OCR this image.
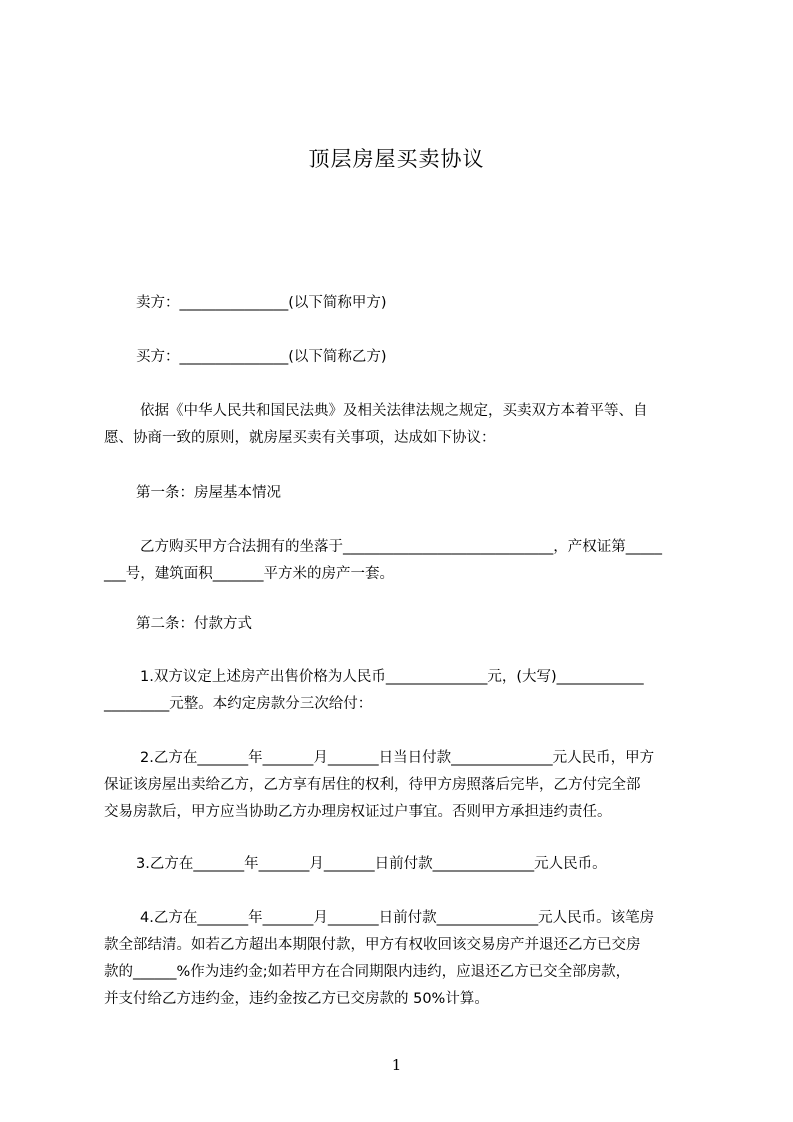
顶层房屋买卖协议
卖方：_______________(以下简称甲方)
买方：_______________(以下简称乙方)
依据《中华人民共和国民法典》及相关法律法规之规定，买卖双方本着平等、自
愿、协商一致的原则，就房屋买卖有关事项，达成如下协议：
第一条：房屋基本情况
乙方购买甲方合法拥有的坐落于_____________________________，产权证第_____
___号，建筑面积_______平方米的房产一套。
第二条：付款方式
1.双方议定上述房产出售价格为人民币______________元，(大写)____________
_________元整。本约定房款分三次给付：
2.乙方在_______年_______月_______日当日付款______________元人民币，甲方
保证该房屋出卖给乙方，乙方享有居住的权利，待甲方房照落后完毕，乙方付完全部
交易房款后，甲方应当协助乙方办理房权证过户事宜。否则甲方承担违约责任。
3.乙方在_______年_______月_______日前付款______________元人民币。
4.乙方在_______年_______月_______日前付款______________元人民币。该笔房
款全部结清。如若乙方超出本期限付款，甲方有权收回该交易房产并退还乙方已交房
款的______%作为违约金;如若甲方在合同期限内违约，应退还乙方已交全部房款，
并支付给乙方违约金，违约金按乙方已交房款的 50%计算。
1
